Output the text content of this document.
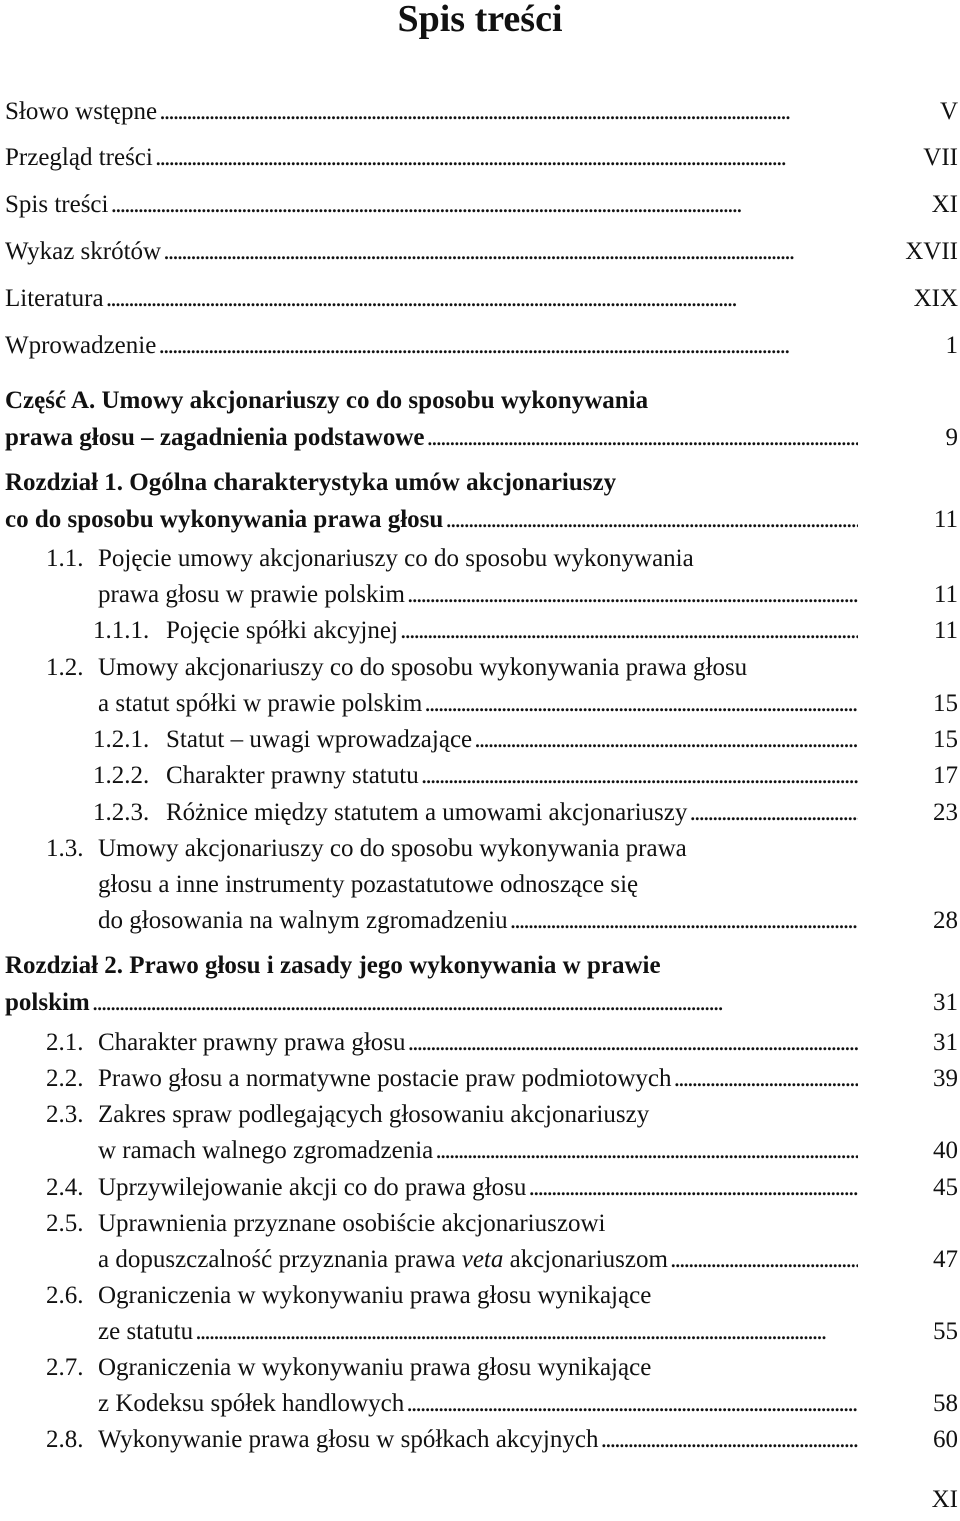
Spis treści
Słowo wstępne . . .	V
Przegląd treści . . .	VII
Spis treści . . .	XI
Wykaz skrótów . . .	XVII
Literatura . . .	XIX
Wprowadzenie . . .	1
Część A. Umowy akcjonariuszy co do sposobu wykonywania
prawa głosu – zagadnienia podstawowe . . .	9
Rozdział 1. Ogólna charakterystyka umów akcjonariuszy
co do sposobu wykonywania prawa głosu . . .	11
1.1. Pojęcie umowy akcjonariuszy co do sposobu wykonywania
prawa głosu w prawie polskim . . .	11
1.1.1. Pojęcie spółki akcyjnej . . .	11
1.2. Umowy akcjonariuszy co do sposobu wykonywania prawa głosu
a statut spółki w prawie polskim . . .	15
1.2.1. Statut – uwagi wprowadzające . . .	15
1.2.2. Charakter prawny statutu . . .	17
1.2.3. Różnice między statutem a umowami akcjonariuszy . . .	23
1.3. Umowy akcjonariuszy co do sposobu wykonywania prawa
głosu a inne instrumenty pozastatutowe odnoszące się
do głosowania na walnym zgromadzeniu . . .	28
Rozdział 2. Prawo głosu i zasady jego wykonywania w prawie
polskim . . .	31
2.1. Charakter prawny prawa głosu . . .	31
2.2. Prawo głosu a normatywne postacie praw podmiotowych . . .	39
2.3. Zakres spraw podlegających głosowaniu akcjonariuszy
w ramach walnego zgromadzenia . . .	40
2.4. Uprzywilejowanie akcji co do prawa głosu . . .	45
2.5. Uprawnienia przyznane osobiście akcjonariuszowi
a dopuszczalność przyznania prawa veta akcjonariuszom . . .	47
2.6. Ograniczenia w wykonywaniu prawa głosu wynikające
ze statutu . . .	55
2.7. Ograniczenia w wykonywaniu prawa głosu wynikające
z Kodeksu spółek handlowych . . .	58
2.8. Wykonywanie prawa głosu w spółkach akcyjnych . . .	60
XI
